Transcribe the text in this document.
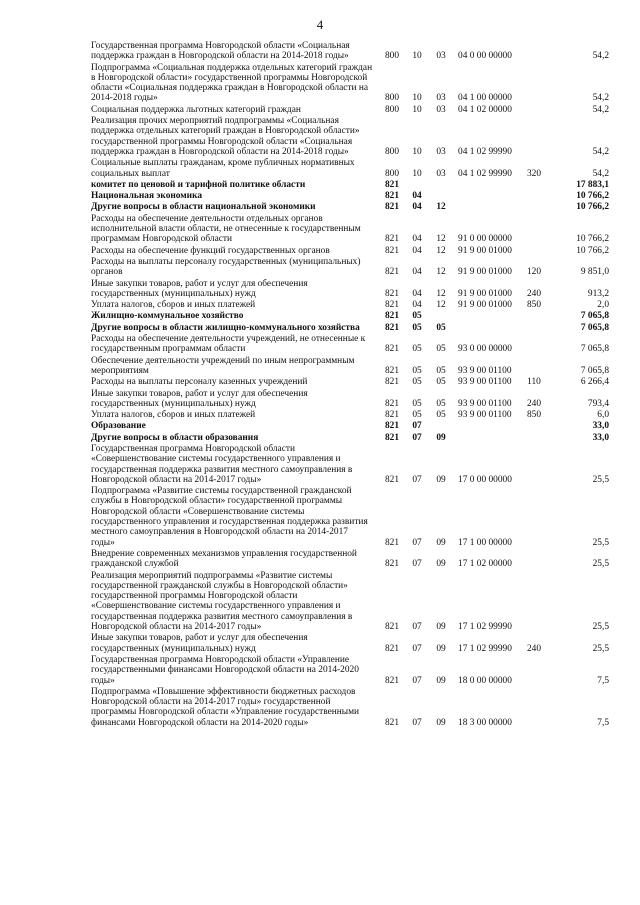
4
Государственная программа Новгородской области «Социальная поддержка граждан в Новгородской области на 2014-2018 годы»	800	10	03	04 0 00 00000		54,2
Подпрограмма «Социальная поддержка отдельных категорий граждан в Новгородской области» государственной программы Новгородской области «Социальная поддержка граждан в Новгородской области на 2014-2018 годы»	800	10	03	04 1 00 00000		54,2
Социальная поддержка льготных категорий граждан	800	10	03	04 1 02 00000		54,2
Реализация прочих мероприятий подпрограммы «Социальная поддержка отдельных категорий граждан в Новгородской области» государственной программы Новгородской области «Социальная поддержка граждан в Новгородской области на 2014-2018 годы»	800	10	03	04 1 02 99990		54,2
Социальные выплаты гражданам, кроме публичных нормативных социальных выплат	800	10	03	04 1 02 99990	320	54,2
комитет по ценовой и тарифной политике области	821					17 883,1
Национальная экономика	821	04				10 766,2
Другие вопросы в области национальной экономики	821	04	12			10 766,2
Расходы на обеспечение деятельности отдельных органов исполнительной власти области, не отнесенные к государственным программам Новгородской области	821	04	12	91 0 00 00000		10 766,2
Расходы на обеспечение функций государственных органов	821	04	12	91 9 00 01000		10 766,2
Расходы на выплаты персоналу государственных (муниципальных) органов	821	04	12	91 9 00 01000	120	9 851,0
Иные закупки товаров, работ и услуг для обеспечения государственных (муниципальных) нужд	821	04	12	91 9 00 01000	240	913,2
Уплата налогов, сборов и иных платежей	821	04	12	91 9 00 01000	850	2,0
Жилищно-коммунальное хозяйство	821	05				7 065,8
Другие вопросы в области жилищно-коммунального хозяйства	821	05	05			7 065,8
Расходы на обеспечение деятельности учреждений, не отнесенные к государственным программам области	821	05	05	93 0 00 00000		7 065,8
Обеспечение деятельности учреждений по иным непрограммным мероприятиям	821	05	05	93 9 00 01100		7 065,8
Расходы на выплаты персоналу казенных учреждений	821	05	05	93 9 00 01100	110	6 266,4
Иные закупки товаров, работ и услуг для обеспечения государственных (муниципальных) нужд	821	05	05	93 9 00 01100	240	793,4
Уплата налогов, сборов и иных платежей	821	05	05	93 9 00 01100	850	6,0
Образование	821	07				33,0
Другие вопросы в области образования	821	07	09			33,0
Государственная программа Новгородской области «Совершенствование системы государственного управления и государственная поддержка развития местного самоуправления в Новгородской области на 2014-2017 годы»	821	07	09	17 0 00 00000		25,5
Подпрограмма «Развитие системы государственной гражданской службы в Новгородской области» государственной программы Новгородской области «Совершенствование системы государственного управления и государственная поддержка развития местного самоуправления в Новгородской области на 2014-2017 годы»	821	07	09	17 1 00 00000		25,5
Внедрение современных механизмов управления государственной гражданской службой	821	07	09	17 1 02 00000		25,5
Реализация мероприятий подпрограммы «Развитие системы государственной гражданской службы в Новгородской области» государственной программы Новгородской области «Совершенствование системы государственного управления и государственная поддержка развития местного самоуправления в Новгородской области на 2014-2017 годы»	821	07	09	17 1 02 99990		25,5
Иные закупки товаров, работ и услуг для обеспечения государственных (муниципальных) нужд	821	07	09	17 1 02 99990	240	25,5
Государственная программа Новгородской области «Управление государственными финансами Новгородской области на 2014-2020 годы»	821	07	09	18 0 00 00000		7,5
Подпрограмма «Повышение эффективности бюджетных расходов Новгородской области на 2014-2017 годы» государственной программы Новгородской области «Управление государственными финансами Новгородской области на 2014-2020 годы»	821	07	09	18 3 00 00000		7,5
